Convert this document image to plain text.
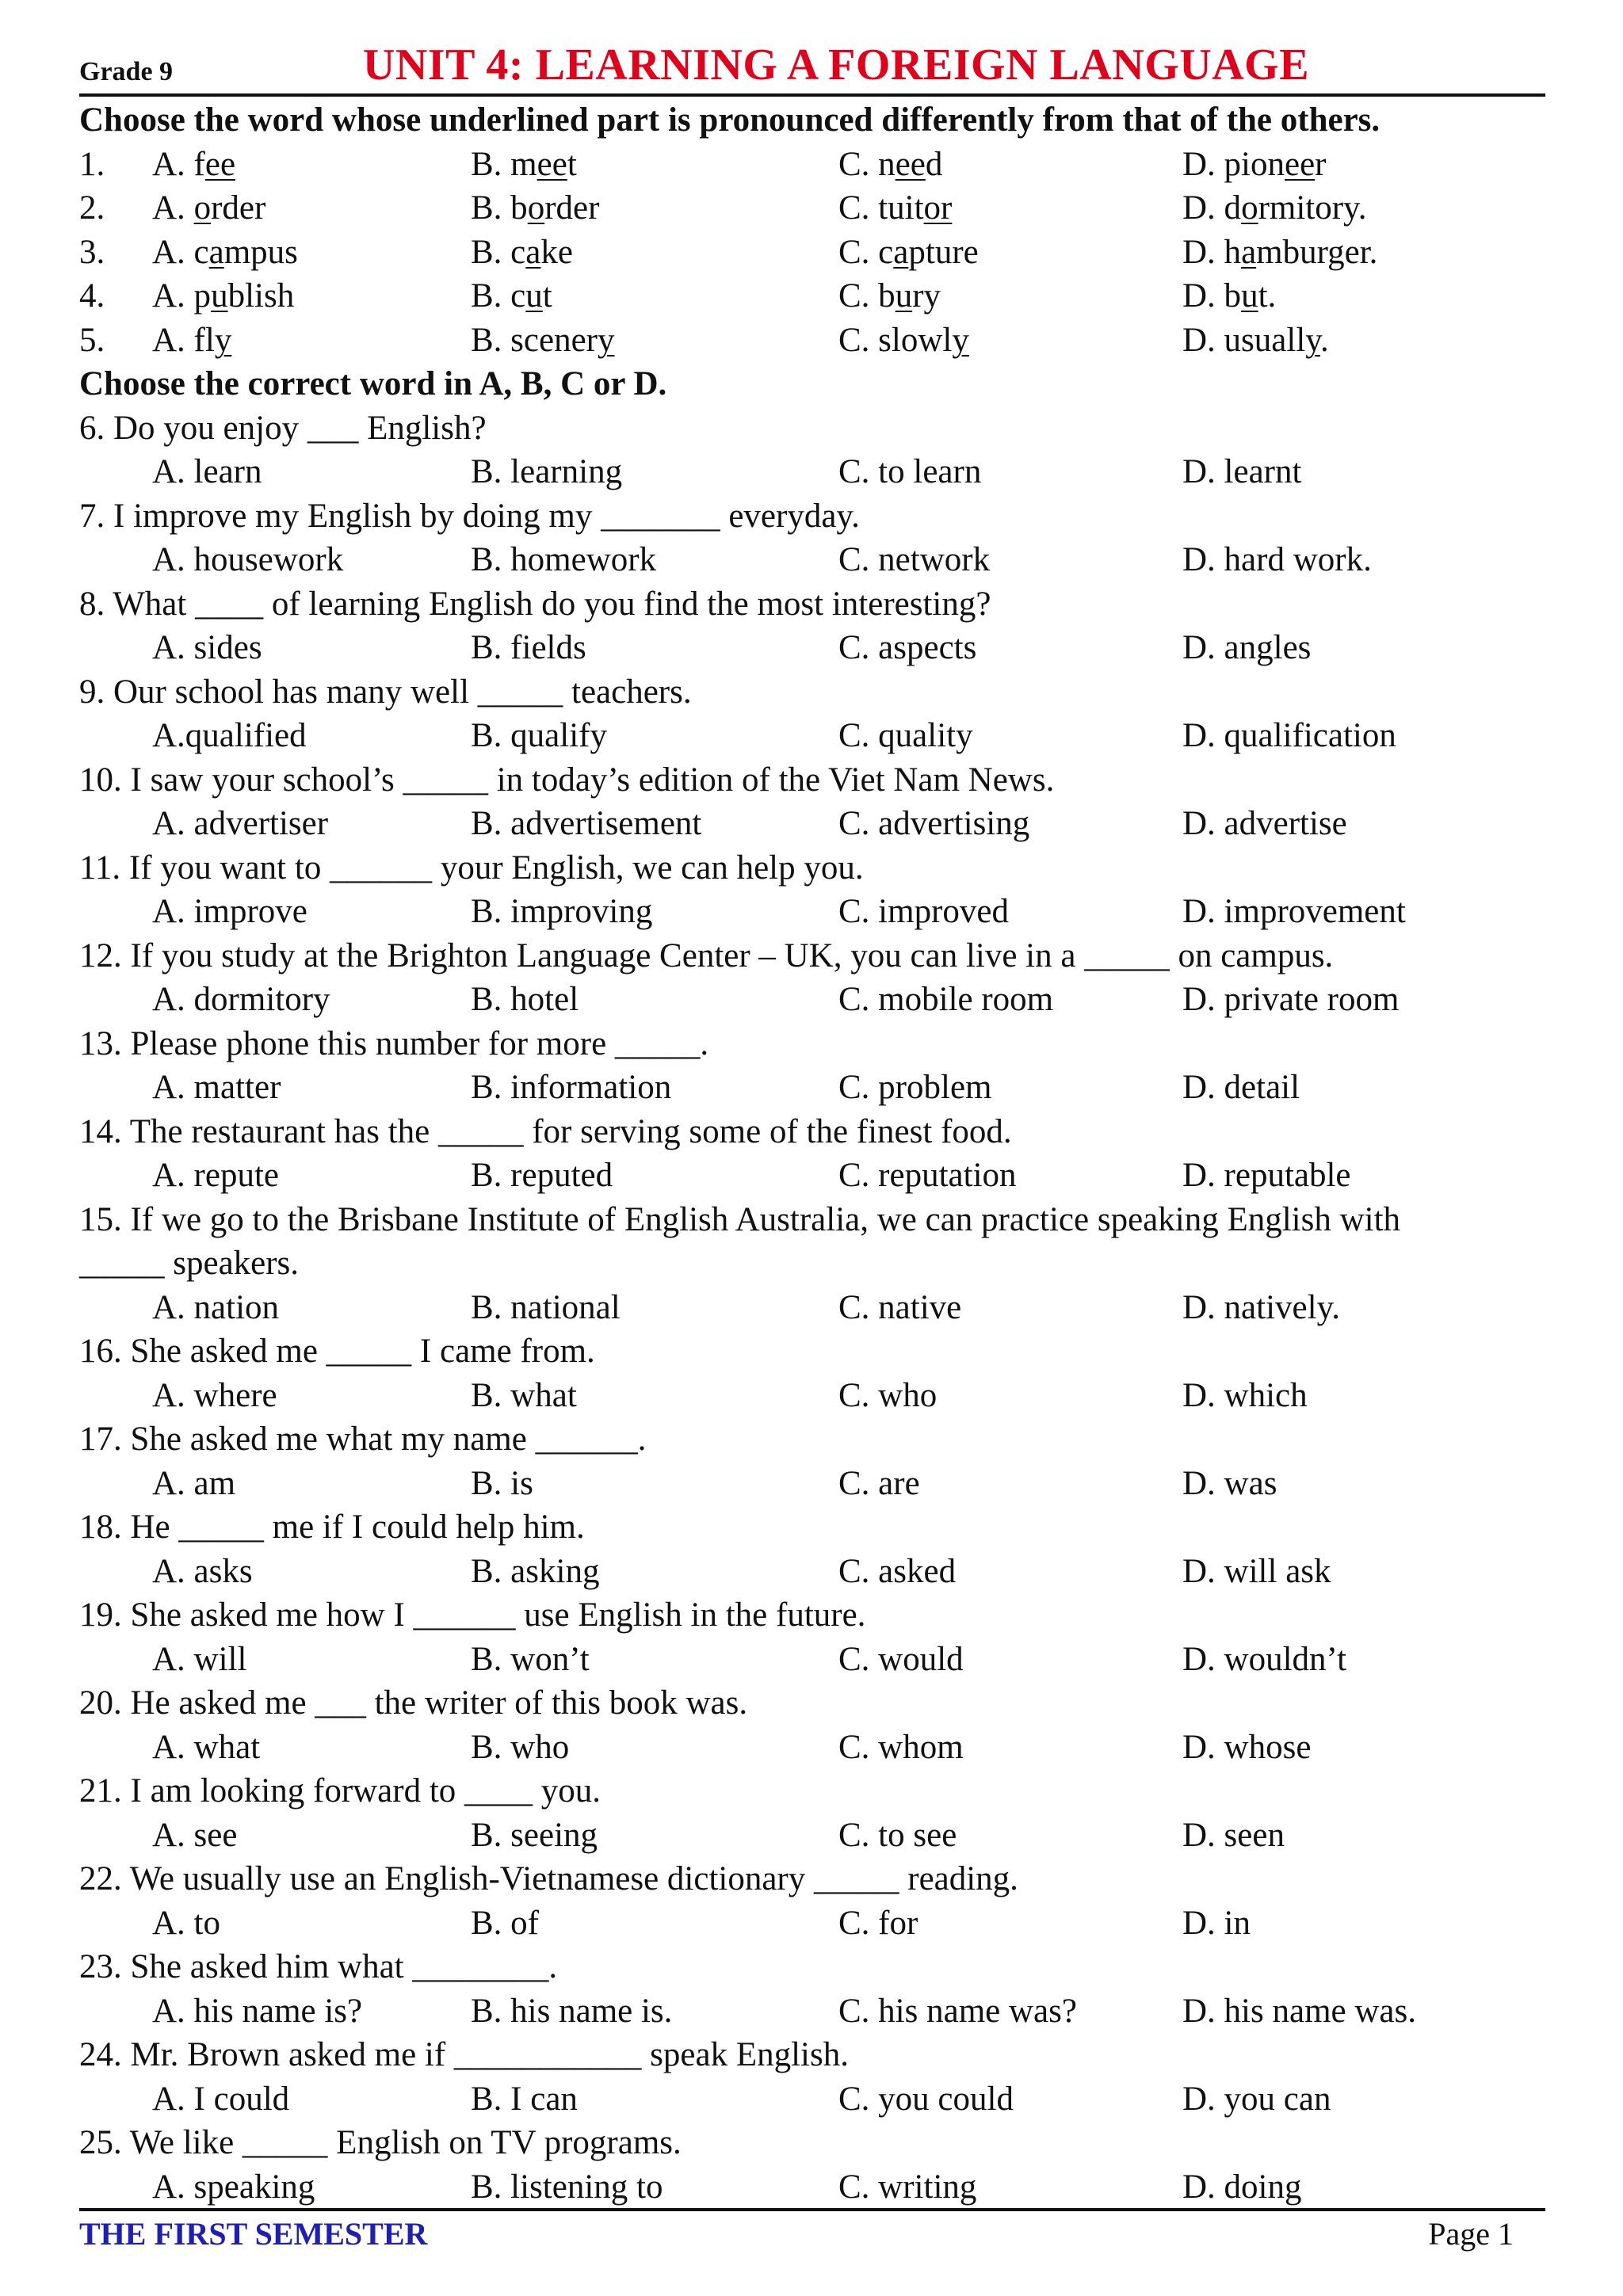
Grade 9	UNIT 4: LEARNING A FOREIGN LANGUAGE
Choose the word whose underlined part is pronounced differently from that of the others.
1. A. fee	B. meet	C. need	D. pioneer
2. A. order	B. border	C. tuitor	D. dormitory.
3. A. campus	B. cake	C. capture	D. hamburger.
4. A. publish	B. cut	C. bury	D. but.
5. A. fly	B. scenery	C. slowly	D. usually.
Choose the correct word in A, B, C or D.
6. Do you enjoy ___ English?
A. learn	B. learning	C. to learn	D. learnt
7. I improve my English by doing my _______ everyday.
A. housework	B. homework	C. network	D. hard work.
8. What ____ of learning English do you find the most interesting?
A. sides	B. fields	C. aspects	D. angles
9. Our school has many well _____ teachers.
A.qualified	B. qualify	C. quality	D. qualification
10. I saw your school’s _____ in today’s edition of the Viet Nam News.
A. advertiser	B. advertisement	C. advertising	D. advertise
11. If you want to ______ your English, we can help you.
A. improve	B. improving	C. improved	D. improvement
12. If you study at the Brighton Language Center – UK, you can live in a _____ on campus.
A. dormitory	B. hotel	C. mobile room	D. private room
13. Please phone this number for more _____.
A. matter	B. information	C. problem	D. detail
14. The restaurant has the _____ for serving some of the finest food.
A. repute	B. reputed	C. reputation	D. reputable
15. If we go to the Brisbane Institute of English Australia, we can practice speaking English with
_____ speakers.
A. nation	B. national	C. native	D. natively.
16. She asked me _____ I came from.
A. where	B. what	C. who	D. which
17. She asked me what my name ______.
A. am	B. is	C. are	D. was
18. He _____ me if I could help him.
A. asks	B. asking	C. asked	D. will ask
19. She asked me how I ______ use English in the future.
A. will	B. won’t	C. would	D. wouldn’t
20. He asked me ___ the writer of this book was.
A. what	B. who	C. whom	D. whose
21. I am looking forward to ____ you.
A. see	B. seeing	C. to see	D. seen
22. We usually use an English-Vietnamese dictionary _____ reading.
A. to	B. of	C. for	D. in
23. She asked him what ________.
A. his name is?	B. his name is.	C. his name was?	D. his name was.
24. Mr. Brown asked me if ___________ speak English.
A. I could	B. I can	C. you could	D. you can
25. We like _____ English on TV programs.
A. speaking	B. listening to	C. writing	D. doing
THE FIRST SEMESTER	Page 1
